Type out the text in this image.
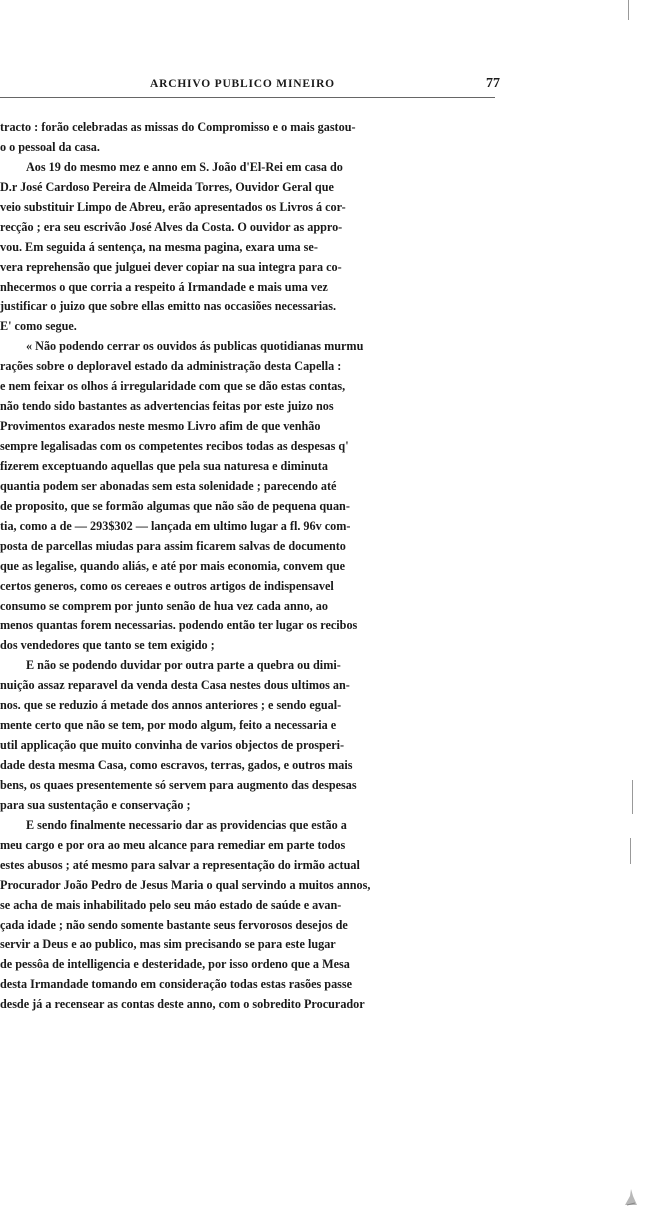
ARCHIVO PUBLICO MINEIRO	77
tracto : forão celebradas as missas do Compromisso e o mais gastou-
o o pessoal da casa.
Aos 19 do mesmo mez e anno em S. João d'El-Rei em casa do
D.r José Cardoso Pereira de Almeida Torres, Ouvidor Geral que
veio substituir Limpo de Abreu, erão apresentados os Livros á cor-
recção ; era seu escrivão José Alves da Costa. O ouvidor as appro-
vou. Em seguida á sentença, na mesma pagina, exara uma se-
vera reprehensão que julguei dever copiar na sua integra para co-
nhecermos o que corria a respeito á Irmandade e mais uma vez
justificar o juizo que sobre ellas emitto nas occasiões necessarias.
E' como segue.
« Não podendo cerrar os ouvidos ás publicas quotidianas murmu
rações sobre o deploravel estado da administração desta Capella :
e nem feixar os olhos á irregularidade com que se dão estas contas,
não tendo sido bastantes as advertencias feitas por este juizo nos
Provimentos exarados neste mesmo Livro afim de que venhão
sempre legalisadas com os competentes recibos todas as despesas q'
fizerem exceptuando aquellas que pela sua naturesa e diminuta
quantia podem ser abonadas sem esta solenidade ; parecendo até
de proposito, que se formão algumas que não são de pequena quan-
tia, como a de — 293$302 — lançada em ultimo lugar a fl. 96v com-
posta de parcellas miudas para assim ficarem salvas de documento
que as legalise, quando aliás, e até por mais economia, convem que
certos generos, como os cereaes e outros artigos de indispensavel
consumo se comprem por junto senão de hua vez cada anno, ao
menos quantas forem necessarias. podendo então ter lugar os recibos
dos vendedores que tanto se tem exigido ;
E não se podendo duvidar por outra parte a quebra ou dimi-
nuição assaz reparavel da venda desta Casa nestes dous ultimos an-
nos. que se reduzio á metade dos annos anteriores ; e sendo egual-
mente certo que não se tem, por modo algum, feito a necessaria e
util applicação que muito convinha de varios objectos de prosperi-
dade desta mesma Casa, como escravos, terras, gados, e outros mais
bens, os quaes presentemente só servem para augmento das despesas
para sua sustentação e conservação ;
E sendo finalmente necessario dar as providencias que estão a
meu cargo e por ora ao meu alcance para remediar em parte todos
estes abusos ; até mesmo para salvar a representação do irmão actual
Procurador João Pedro de Jesus Maria o qual servindo a muitos annos,
se acha de mais inhabilitado pelo seu máo estado de saúde e avan-
çada idade ; não sendo somente bastante seus fervorosos desejos de
servir a Deus e ao publico, mas sim precisando se para este lugar
de pessôa de intelligencia e desteridade, por isso ordeno que a Mesa
desta Irmandade tomando em consideração todas estas rasões passe
desde já a recensear as contas deste anno, com o sobredito Procurador
